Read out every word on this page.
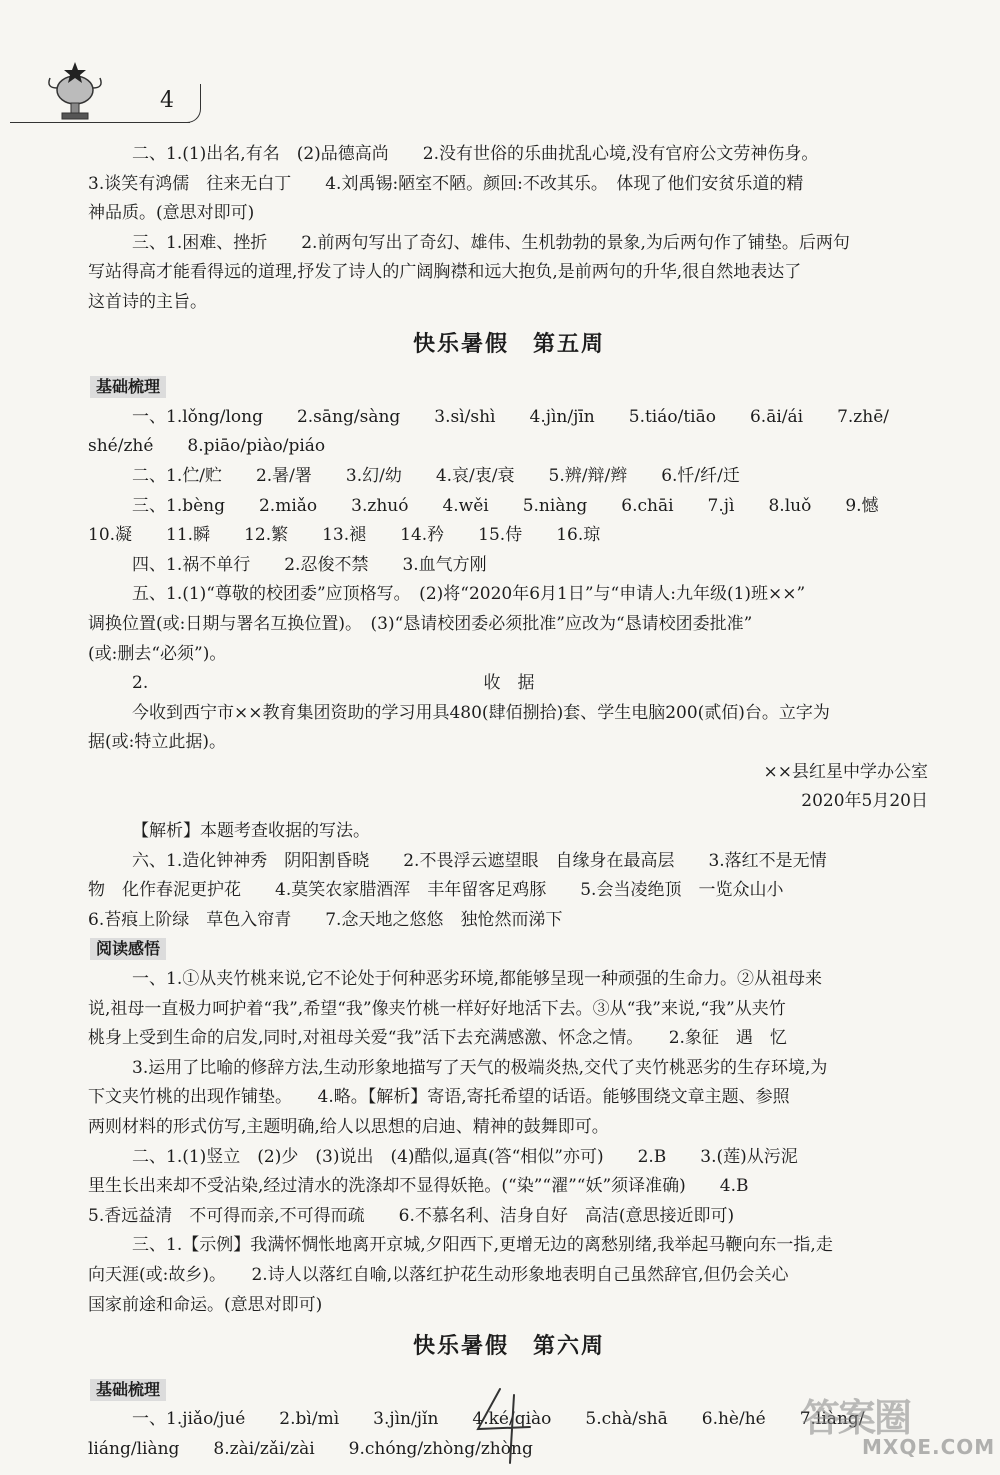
4
二、1.(1)出名,有名　(2)品德高尚　　2.没有世俗的乐曲扰乱心境,没有官府公文劳神伤身。
3.谈笑有鸿儒　往来无白丁　　4.刘禹锡:陋室不陋。颜回:不改其乐。　体现了他们安贫乐道的精
神品质。(意思对即可)
三、1.困难、挫折　　2.前两句写出了奇幻、雄伟、生机勃勃的景象,为后两句作了铺垫。后两句
写站得高才能看得远的道理,抒发了诗人的广阔胸襟和远大抱负,是前两句的升华,很自然地表达了
这首诗的主旨。
快乐暑假　第五周
基础梳理
一、1.lǒng/long　　2.sāng/sàng　　3.sì/shì　　4.jìn/jīn　　5.tiáo/tiāo　　6.āi/ái　　7.zhē/
shé/zhé　　8.piāo/piào/piáo
二、1.伫/贮　　2.暑/署　　3.幻/幼　　4.哀/衷/衰　　5.辨/辩/辫　　6.忏/纤/迁
三、1.bèng　　2.miǎo　　3.zhuó　　4.wěi　　5.niàng　　6.chāi　　7.jì　　8.luǒ　　9.憾
10.凝　　11.瞬　　12.繁　　13.褪　　14.矜　　15.侍　　16.琼
四、1.祸不单行　　2.忍俊不禁　　3.血气方刚
五、1.(1)“尊敬的校团委”应顶格写。　(2)将“2020年6月1日”与“申请人:九年级(1)班××”
调换位置(或:日期与署名互换位置)。　(3)“恳请校团委必须批准”应改为“恳请校团委批准”
(或:删去“必须”)。
2.	收　据
今收到西宁市××教育集团资助的学习用具480(肆佰捌拾)套、学生电脑200(贰佰)台。立字为
据(或:特立此据)。
××县红星中学办公室
2020年5月20日
【解析】本题考查收据的写法。
六、1.造化钟神秀　阴阳割昏晓　　2.不畏浮云遮望眼　自缘身在最高层　　3.落红不是无情
物　化作春泥更护花　　4.莫笑农家腊酒浑　丰年留客足鸡豚　　5.会当凌绝顶　一览众山小
6.苔痕上阶绿　草色入帘青　　7.念天地之悠悠　独怆然而涕下
阅读感悟
一、1.①从夹竹桃来说,它不论处于何种恶劣环境,都能够呈现一种顽强的生命力。②从祖母来
说,祖母一直极力呵护着“我”,希望“我”像夹竹桃一样好好地活下去。③从“我”来说,“我”从夹竹
桃身上受到生命的启发,同时,对祖母关爱“我”活下去充满感激、怀念之情。　　2.象征　遇　忆
3.运用了比喻的修辞方法,生动形象地描写了天气的极端炎热,交代了夹竹桃恶劣的生存环境,为
下文夹竹桃的出现作铺垫。　　4.略。【解析】寄语,寄托希望的话语。能够围绕文章主题、参照
两则材料的形式仿写,主题明确,给人以思想的启迪、精神的鼓舞即可。
二、1.(1)竖立　(2)少　(3)说出　(4)酷似,逼真(答“相似”亦可)　　2.B　　3.(莲)从污泥
里生长出来却不受沾染,经过清水的洗涤却不显得妖艳。(“染”“濯”“妖”须译准确)　　4.B
5.香远益清　不可得而亲,不可得而疏　　6.不慕名利、洁身自好　高洁(意思接近即可)
三、1.【示例】我满怀惆怅地离开京城,夕阳西下,更增无边的离愁别绪,我举起马鞭向东一指,走
向天涯(或:故乡)。　　2.诗人以落红自喻,以落红护花生动形象地表明自己虽然辞官,但仍会关心
国家前途和命运。(意思对即可)
快乐暑假　第六周
基础梳理
一、1.jiǎo/jué　　2.bì/mì　　3.jìn/jǐn　　4.ké/qiào　　5.chà/shā　　6.hè/hé　　7.liàng/
liáng/liàng　　8.zài/zǎi/zài　　9.chóng/zhòng/zhòng
答案圈
MXQE.COM
